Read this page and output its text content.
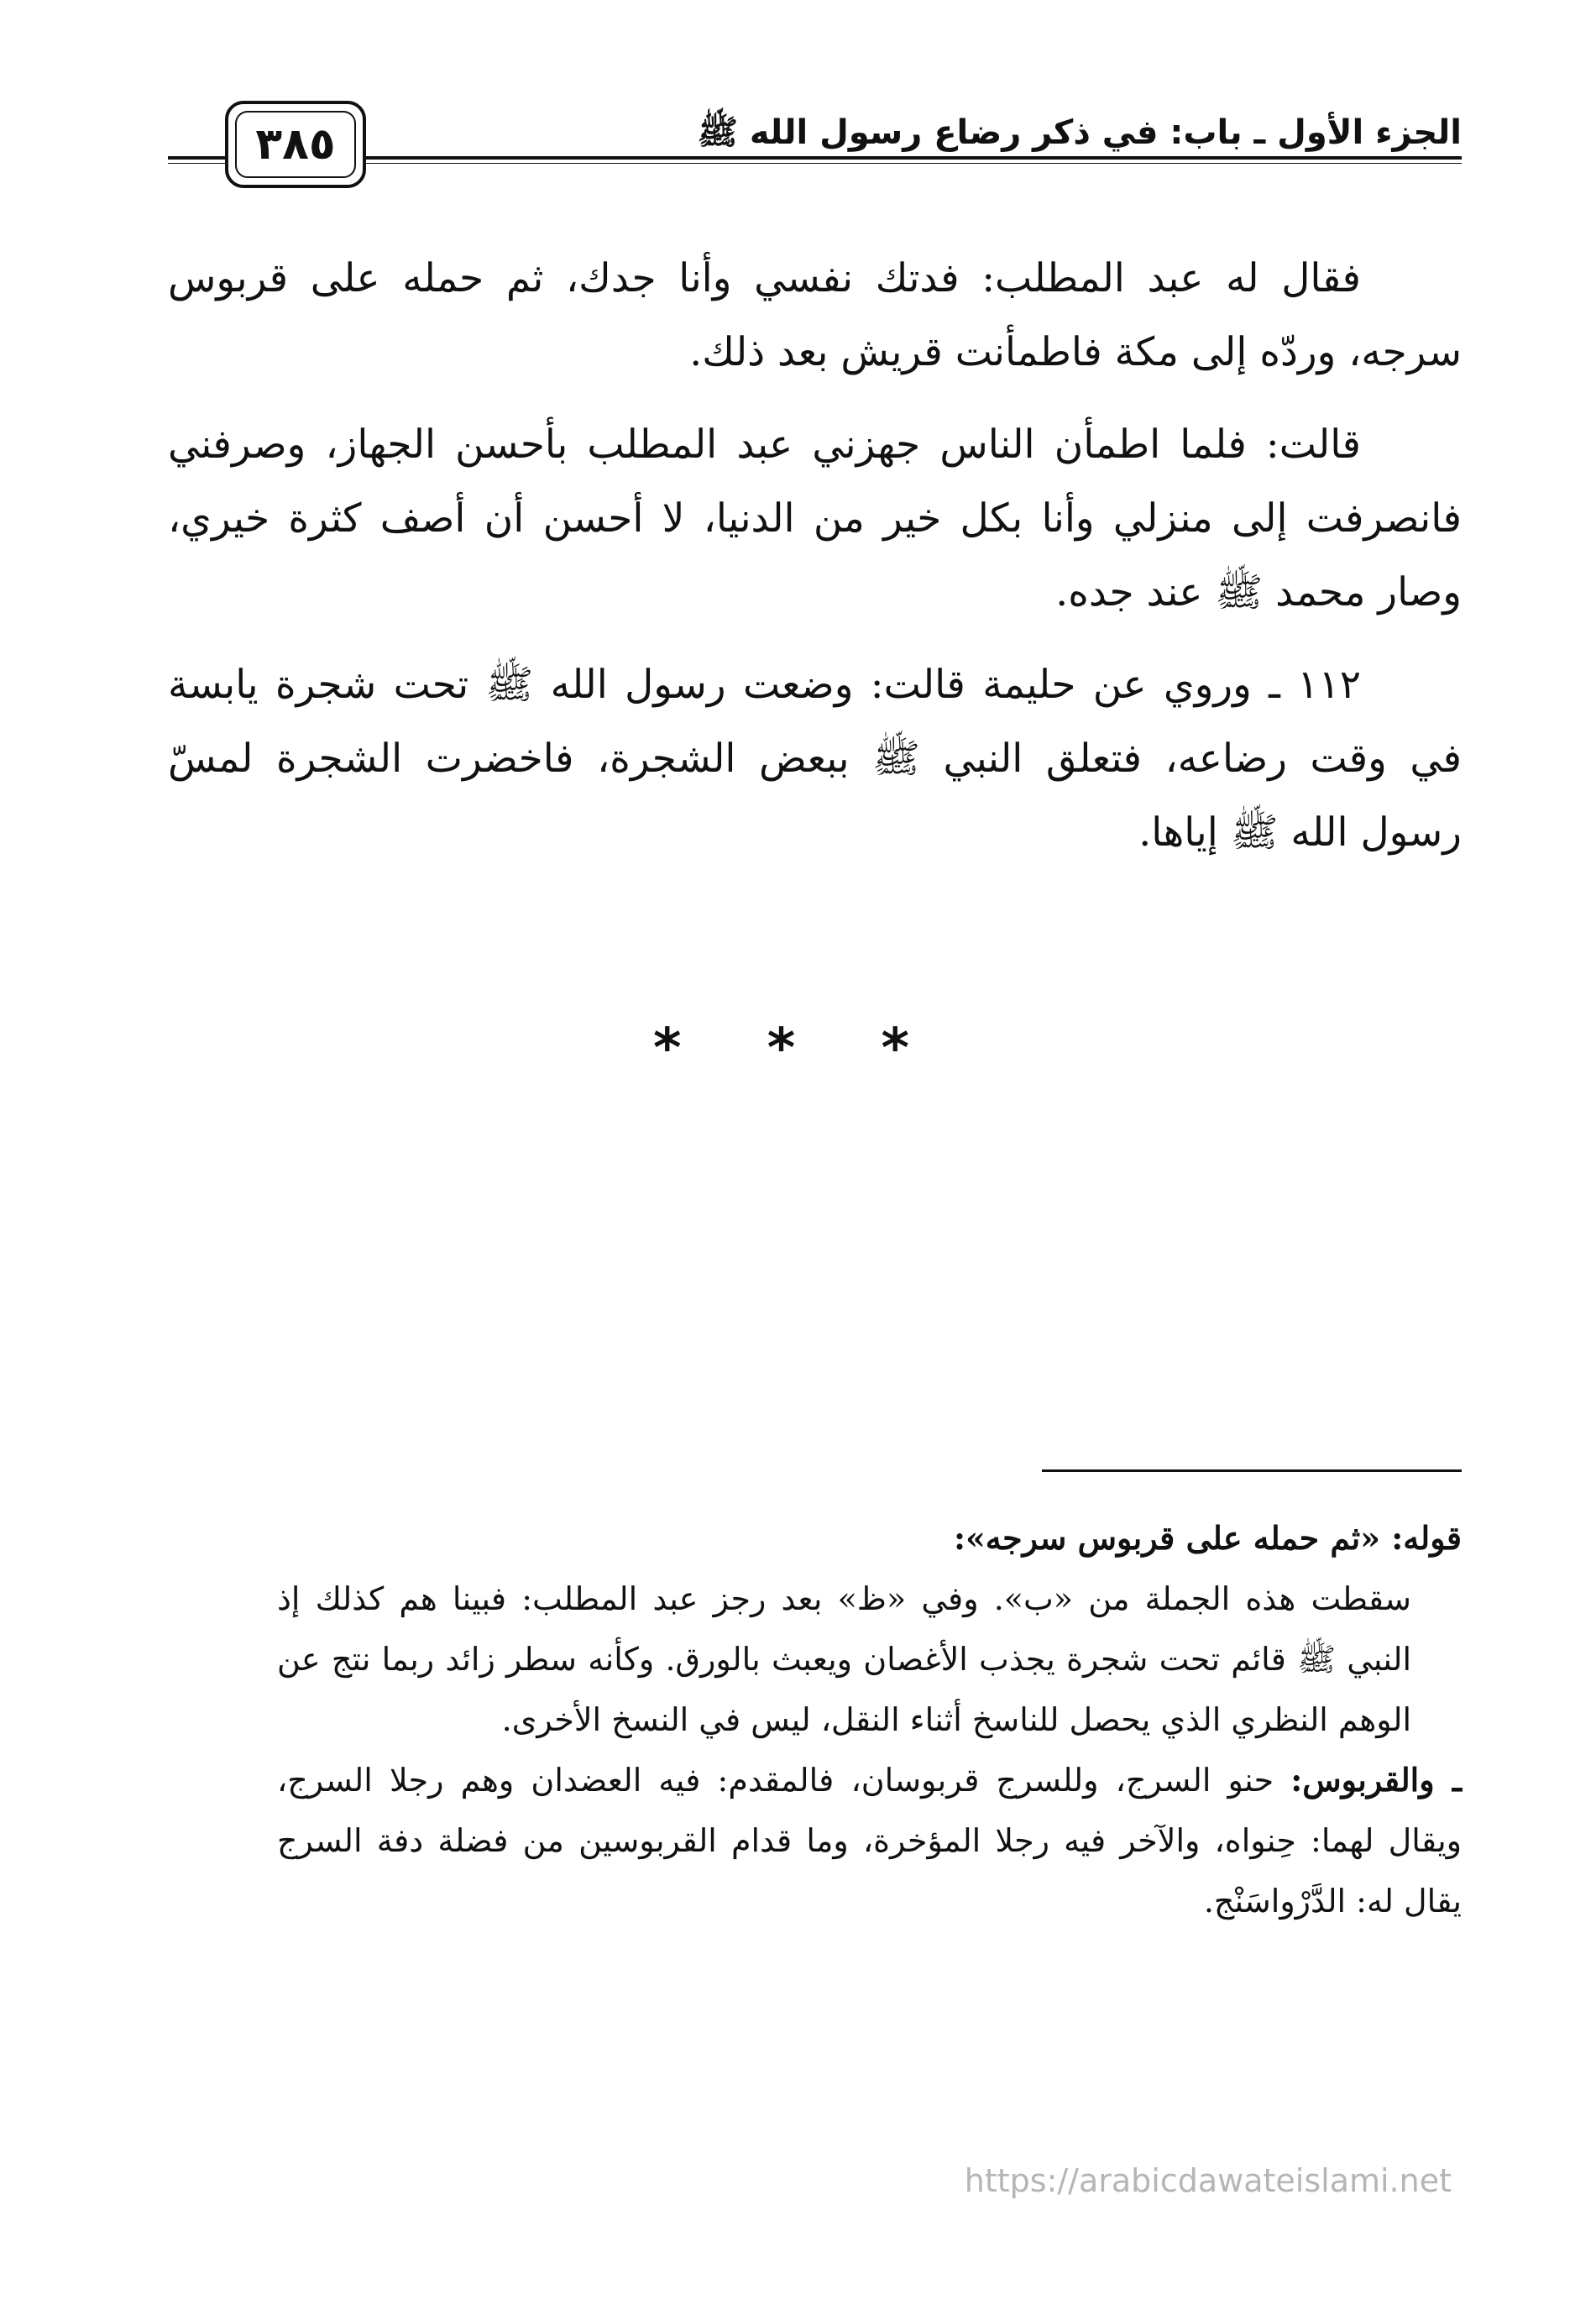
الجزء الأول ـ باب: في ذكر رضاع رسول الله ﷺ
٣٨٥

فقال له عبد المطلب: فدتك نفسي وأنا جدك، ثم حمله على قربوس سرجه، وردّه إلى مكة فاطمأنت قريش بعد ذلك.

قالت: فلما اطمأن الناس جهزني عبد المطلب بأحسن الجهاز، وصرفني فانصرفت إلى منزلي وأنا بكل خير من الدنيا، لا أحسن أن أصف كثرة خيري، وصار محمد ﷺ عند جده.

١١٢ ـ وروي عن حليمة قالت: وضعت رسول الله ﷺ تحت شجرة يابسة في وقت رضاعه، فتعلق النبي ﷺ ببعض الشجرة، فاخضرت الشجرة لمسّ رسول الله ﷺ إياها.

* * *

قوله: «ثم حمله على قربوس سرجه»:

سقطت هذه الجملة من «ب». وفي «ظ» بعد رجز عبد المطلب: فبينا هم كذلك إذ النبي ﷺ قائم تحت شجرة يجذب الأغصان ويعبث بالورق. وكأنه سطر زائد ربما نتج عن الوهم النظري الذي يحصل للناسخ أثناء النقل، ليس في النسخ الأخرى.

ـ والقربوس: حنو السرج، وللسرج قربوسان، فالمقدم: فيه العضدان وهم رجلا السرج، ويقال لهما: حِنواه، والآخر فيه رجلا المؤخرة، وما قدام القربوسين من فضلة دفة السرج يقال له: الدَّرْواسَنْج.

https://arabicdawateislami.net
